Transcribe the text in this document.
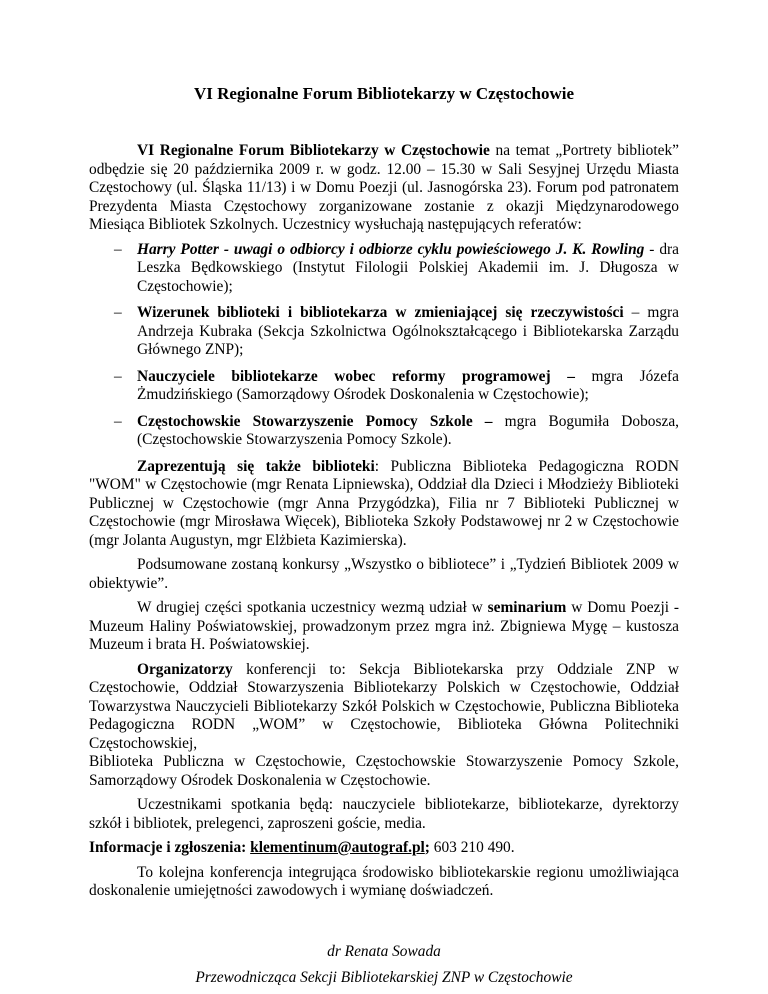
VI Regionalne Forum Bibliotekarzy w Częstochowie

VI Regionalne Forum Bibliotekarzy w Częstochowie na temat „Portrety bibliotek” odbędzie się 20 października 2009 r. w godz. 12.00 – 15.30 w Sali Sesyjnej Urzędu Miasta Częstochowy (ul. Śląska 11/13) i w Domu Poezji (ul. Jasnogórska 23). Forum pod patronatem Prezydenta Miasta Częstochowy zorganizowane zostanie z okazji Międzynarodowego Miesiąca Bibliotek Szkolnych. Uczestnicy wysłuchają następujących referatów:

– Harry Potter - uwagi o odbiorcy i odbiorze cyklu powieściowego J. K. Rowling - dra Leszka Będkowskiego (Instytut Filologii Polskiej Akademii im. J. Długosza w Częstochowie);
– Wizerunek biblioteki i bibliotekarza w zmieniającej się rzeczywistości – mgra Andrzeja Kubraka (Sekcja Szkolnictwa Ogólnokształcącego i Bibliotekarska Zarządu Głównego ZNP);
– Nauczyciele bibliotekarze wobec reformy programowej – mgra Józefa Żmudzińskiego (Samorządowy Ośrodek Doskonalenia w Częstochowie);
– Częstochowskie Stowarzyszenie Pomocy Szkole – mgra Bogumiła Dobosza, (Częstochowskie Stowarzyszenia Pomocy Szkole).

Zaprezentują się także biblioteki: Publiczna Biblioteka Pedagogiczna RODN "WOM" w Częstochowie (mgr Renata Lipniewska), Oddział dla Dzieci i Młodzieży Biblioteki Publicznej w Częstochowie (mgr Anna Przygódzka), Filia nr 7 Biblioteki Publicznej w Częstochowie (mgr Mirosława Więcek), Biblioteka Szkoły Podstawowej nr 2 w Częstochowie (mgr Jolanta Augustyn, mgr Elżbieta Kazimierska).

Podsumowane zostaną konkursy „Wszystko o bibliotece” i „Tydzień Bibliotek 2009 w obiektywie”.

W drugiej części spotkania uczestnicy wezmą udział w seminarium w Domu Poezji - Muzeum Haliny Poświatowskiej, prowadzonym przez mgra inż. Zbigniewa Mygę – kustosza Muzeum i brata H. Poświatowskiej.

Organizatorzy konferencji to: Sekcja Bibliotekarska przy Oddziale ZNP w Częstochowie, Oddział Stowarzyszenia Bibliotekarzy Polskich w Częstochowie, Oddział Towarzystwa Nauczycieli Bibliotekarzy Szkół Polskich w Częstochowie, Publiczna Biblioteka Pedagogiczna RODN „WOM” w Częstochowie, Biblioteka Główna Politechniki Częstochowskiej,
Biblioteka Publiczna w Częstochowie, Częstochowskie Stowarzyszenie Pomocy Szkole, Samorządowy Ośrodek Doskonalenia w Częstochowie.

Uczestnikami spotkania będą: nauczyciele bibliotekarze, bibliotekarze, dyrektorzy szkół i bibliotek, prelegenci, zaproszeni goście, media.

Informacje i zgłoszenia: klementinum@autograf.pl; 603 210 490.

To kolejna konferencja integrująca środowisko bibliotekarskie regionu umożliwiająca doskonalenie umiejętności zawodowych i wymianę doświadczeń.

dr Renata Sowada

Przewodnicząca Sekcji Bibliotekarskiej ZNP w Częstochowie
